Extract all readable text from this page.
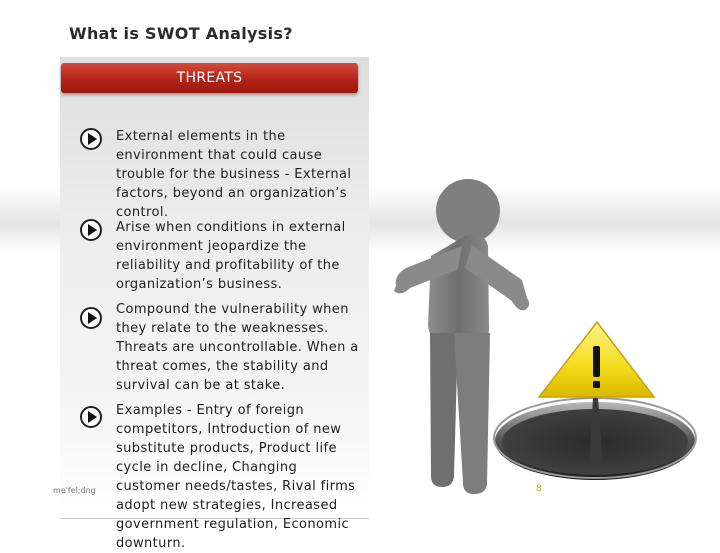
What is SWOT Analysis?
THREATS
External elements in the environment that could cause trouble for the business - External factors, beyond an organization’s control.
Arise when conditions in external environment jeopardize the reliability and profitability of the organization’s business.
Compound the vulnerability when they relate to the weaknesses. Threats are uncontrollable. When a threat comes, the stability and survival can be at stake.
Examples - Entry of foreign competitors, Introduction of new substitute products, Product life cycle in decline, Changing customer needs/tastes, Rival firms adopt new strategies, Increased government regulation, Economic downturn.
me'fel;dng	8
